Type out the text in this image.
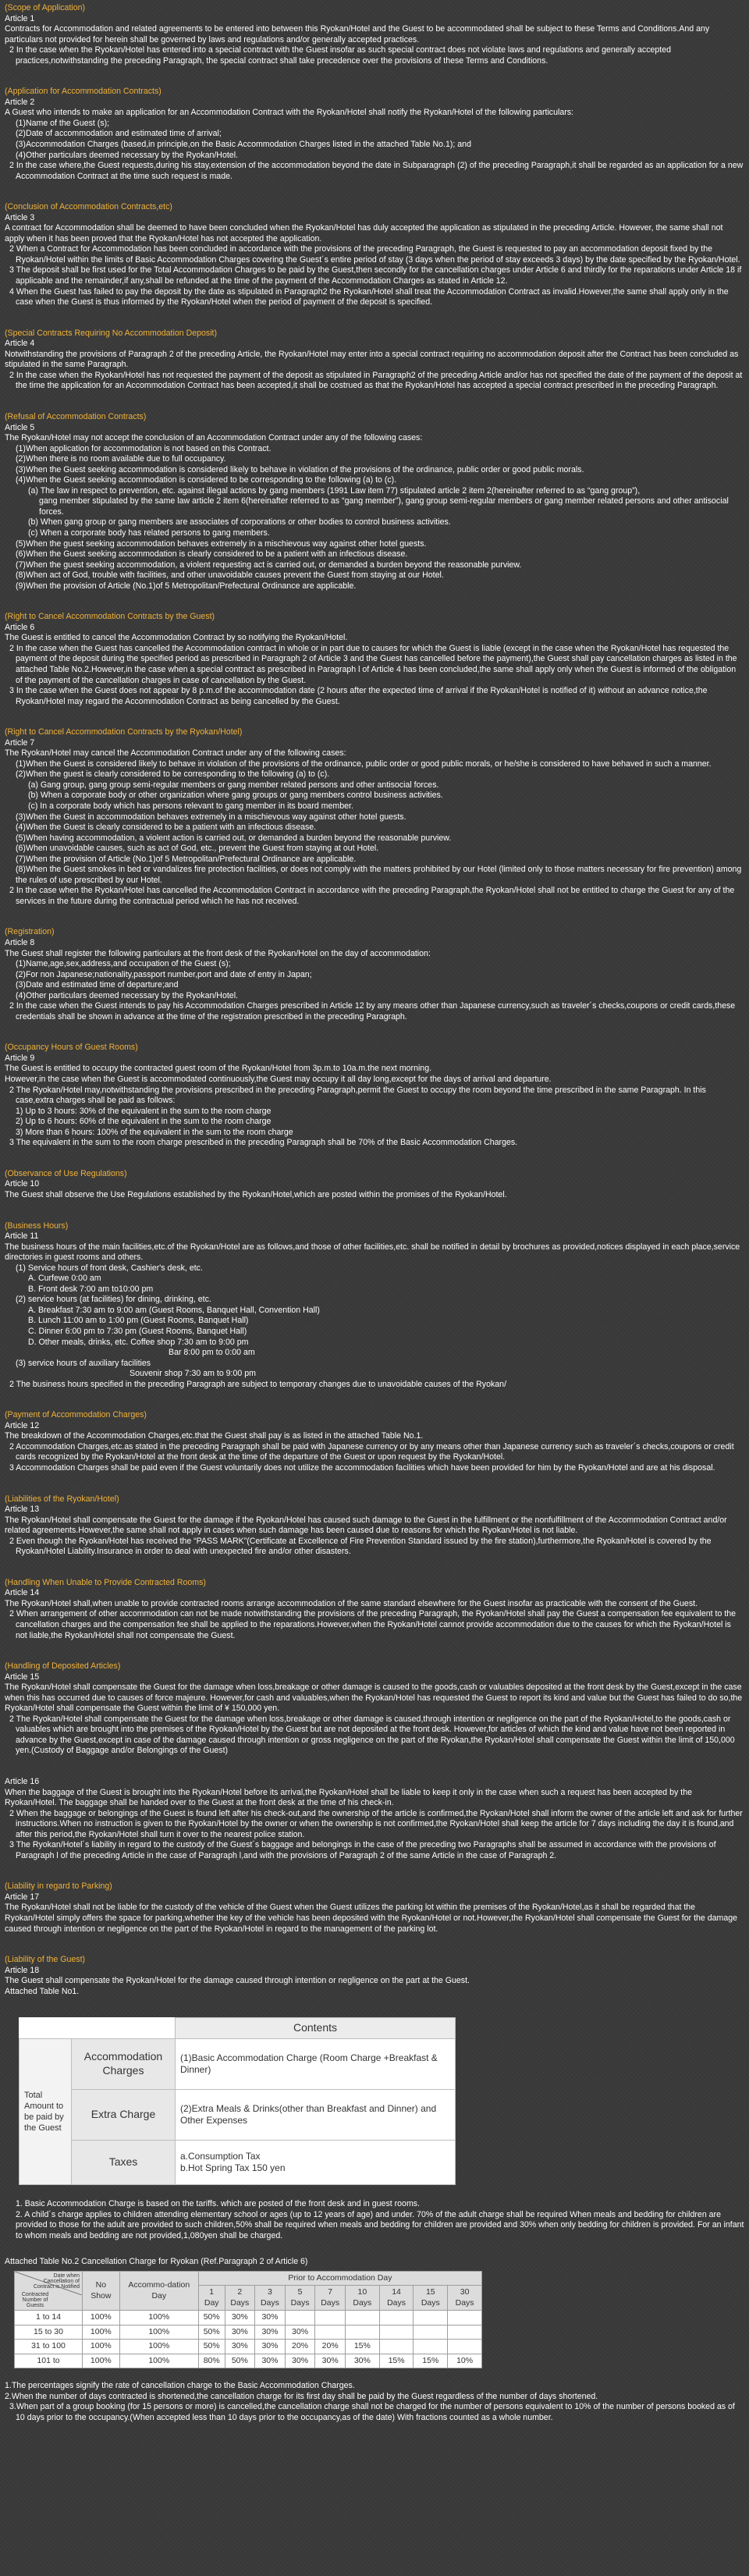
(Scope of Application)

Article 1

Contracts for Accommodation and related agreements to be entered into between this Ryokan/Hotel and the Guest to be accommodated shall be subject to these Terms and Conditions.And any particulars not provided for herein shall be governed by laws and regulations and/or generally accepted practices.

2 In the case when the Ryokan/Hotel has entered into a special contract with the Guest insofar as such special contract does not violate laws and regulations and generally accepted practices,notwithstanding the preceding Paragraph, the special contract shall take precedence over the provisions of these Terms and Conditions.

(Application for Accommodation Contracts)

Article 2

A Guest who intends to make an application for an Accommodation Contract with the Ryokan/Hotel shall notify the Ryokan/Hotel of the following particulars:

(1)Name of the Guest (s);

(2)Date of accommodation and estimated time of arrival;

(3)Accommodation Charges (based,in principle,on the Basic Accommodation Charges listed in the attached Table No.1); and

(4)Other particulars deemed necessary by the Ryokan/Hotel.

2 In the case where,the Guest requests,during his stay,extension of the accommodation beyond the date in Subparagraph (2) of the preceding Paragraph,it shall be regarded as an application for a new Accommodation Contract at the time such request is made.

(Conclusion of Accommodation Contracts,etc)

Article 3

A contract for Accommodation shall be deemed to have been concluded when the Ryokan/Hotel has duly accepted the application as stipulated in the preceding Article. However, the same shall not apply when it has been proved that the Ryokan/Hotel has not accepted the application.

2 When a Contract for Accommodation has been concluded in accordance with the provisions of the preceding Paragraph, the Guest is requested to pay an accommodation deposit fixed by the Ryokan/Hotel within the limits of Basic Accommodation Charges covering the Guest´s entire period of stay (3 days when the period of stay exceeds 3 days) by the date specified by the Ryokan/Hotel.

3 The deposit shall be first used for the Total Accommodation Charges to be paid by the Guest,then secondly for the cancellation charges under Article 6 and thirdly for the reparations under Article 18 if applicable and the remainder,if any,shall be refunded at the time of the payment of the Accommodation Charges as stated in Article 12.

4 When the Guest has failed to pay the deposit by the date as stipulated in Paragraph2 the Ryokan/Hotel shall treat the Accommodation Contract as invalid.However,the same shall apply only in the case when the Guest is thus informed by the Ryokan/Hotel when the period of payment of the deposit is specified.

(Special Contracts Requiring No Accommodation Deposit)

Article 4

Notwithstanding the provisions of Paragraph 2 of the preceding Article, the Ryokan/Hotel may enter into a special contract requiring no accommodation deposit after the Contract has been concluded as stipulated in the same Paragraph.

2 In the case when the Ryokan/Hotel has not requested the payment of the deposit as stipulated in Paragraph2 of the preceding Article and/or has not specified the date of the payment of the deposit at the time the application for an Accommodation Contract has been accepted,it shall be costrued as that the Ryokan/Hotel has accepted a special contract prescribed in the preceding Paragraph.

(Refusal of Accommodation Contracts)

Article 5

The Ryokan/Hotel may not accept the conclusion of an Accommodation Contract under any of the following cases:

(1)When application for accommodation is not based on this Contract.

(2)When there is no room available due to full occupancy.

(3)When the Guest seeking accommodation is considered likely to behave in violation of the provisions of the ordinance, public order or good public morals.

(4)When the Guest seeking accommodation is considered to be corresponding to the following (a) to (c).

(a) The law in respect to prevention, etc. against illegal actions by gang members (1991 Law item 77) stipulated article 2 item 2(hereinafter referred to as “gang group”),

gang member stipulated by the same law article 2 item 6(hereinafter referred to as “gang member”), gang group semi-regular members or gang member related persons and other antisocial forces.

(b) When gang group or gang members are associates of corporations or other bodies to control business activities.

(c) When a corporate body has related persons to gang members.

(5)When the guest seeking accommodation behaves extremely in a mischievous way against other hotel guests.

(6)When the Guest seeking accommodation is clearly considered to be a patient with an infectious disease.

(7)When the guest seeking accommodation, a violent requesting act is carried out, or demanded a burden beyond the reasonable purview.

(8)When act of God, trouble with facilities, and other unavoidable causes prevent the Guest from staying at our Hotel.

(9)When the provision of Article (No.1)of 5 Metropolitan/Prefectural Ordinance are applicable.

(Right to Cancel Accommodation Contracts by the Guest)

Article 6

The Guest is entitled to cancel the Accommodation Contract by so notifying the Ryokan/Hotel.

2 In the case when the Guest has cancelled the Accommodation contract in whole or in part due to causes for which the Guest is liable (except in the case when the Ryokan/Hotel has requested the payment of the deposit during the specified period as prescribed in Paragraph 2 of Article 3 and the Guest has cancelled before the payment),the Guest shall pay cancellation charges as listed in the attached Table No.2.However,in the case when a special contract as prescribed in Paragraph l of Article 4 has been concluded,the same shall apply only when the Guest is informed of the obligation of the payment of the cancellation charges in case of cancellation by the Guest.

3 In the case when the Guest does not appear by 8 p.m.of the accommodation date (2 hours after the expected time of arrival if the Ryokan/Hotel is notified of it) without an advance notice,the Ryokan/Hotel may regard the Accommodation Contract as being cancelled by the Guest.

(Right to Cancel Accommodation Contracts by the Ryokan/Hotel)

Article 7

The Ryokan/Hotel may cancel the Accommodation Contract under any of the following cases:

(1)When the Guest is considered likely to behave in violation of the provisions of the ordinance, public order or good public morals, or he/she is considered to have behaved in such a manner.

(2)When the guest is clearly considered to be corresponding to the following (a) to (c).

(a) Gang group, gang group semi-regular members or gang member related persons and other antisocial forces.

(b) When a corporate body or other organization where gang groups or gang members control business activities.

(c) In a corporate body which has persons relevant to gang member in its board member.

(3)When the Guest in accommodation behaves extremely in a mischievous way against other hotel guests.

(4)When the Guest is clearly considered to be a patient with an infectious disease.

(5)When having accommodation, a violent action is carried out, or demanded a burden beyond the reasonable purview.

(6)When unavoidable causes, such as act of God, etc., prevent the Guest from staying at out Hotel.

(7)When the provision of Article (No.1)of 5 Metropolitan/Prefectural Ordinance are applicable.

(8)When the Guest smokes in bed or vandalizes fire protection facilities, or does not comply with the matters prohibited by our Hotel (limited only to those matters necessary for fire prevention) among the rules of use prescribed by our Hotel.

2 In the case when the Ryokan/Hotel has cancelled the Accommodation Contract in accordance with the preceding Paragraph,the Ryokan/Hotel shall not be entitled to charge the Guest for any of the services in the future during the contractual period which he has not received.

(Registration)

Article 8

The Guest shall register the following particulars at the front desk of the Ryokan/Hotel on the day of accommodation:

(1)Name,age,sex,address,and occupation of the Guest (s);

(2)For non Japanese;nationality,passport number,port and date of entry in Japan;

(3)Date and estimated time of departure;and

(4)Other particulars deemed necessary by the Ryokan/Hotel.

2 In the case when the Guest intends to pay his Accommodation Charges prescribed in Article 12 by any means other than Japanese currency,such as traveler´s checks,coupons or credit cards,these credentials shall be shown in advance at the time of the registration prescribed in the preceding Paragraph.

(Occupancy Hours of Guest Rooms)

Article 9

The Guest is entitled to occupy the contracted guest room of the Ryokan/Hotel from 3p.m.to 10a.m.the next morning.

However,in the case when the Guest is accommodated continuously,the Guest may occupy it all day long,except for the days of arrival and departure.

2 The Ryokan/Hotel may,notwithstanding the provisions prescribed in the preceding Paragraph,permit the Guest to occupy the room beyond the time prescribed in the same Paragraph. In this case,extra charges shall be paid as follows:

1) Up to 3 hours: 30% of the equivalent in the sum to the room charge

2) Up to 6 hours: 60% of the equivalent in the sum to the room charge

3) More than 6 hours: 100% of the equivalent in the sum to the room charge

3 The equivalent in the sum to the room charge prescribed in the preceding Paragraph shall be 70% of the Basic Accommodation Charges.

(Observance of Use Regulations)

Article 10

The Guest shall observe the Use Regulations established by the Ryokan/Hotel,which are posted within the promises of the Ryokan/Hotel.

(Business Hours)

Article 11

The business hours of the main facilities,etc.of the Ryokan/Hotel are as follows,and those of other facilities,etc. shall be notified in detail by brochures as provided,notices displayed in each place,service directories in guest rooms and others.

(1) Service hours of front desk, Cashier's desk, etc.

A. Curfewe 0:00 am

B. Front desk 7:00 am to10:00 pm

(2) service hours (at facilities) for dining, drinking, etc.

A. Breakfast 7:30 am to 9:00 am (Guest Rooms, Banquet Hall, Convention Hall)

B. Lunch 11:00 am to 1:00 pm (Guest Rooms, Banquet Hall)

C. Dinner 6:00 pm to 7:30 pm (Guest Rooms, Banquet Hall)

D. Other meals, drinks, etc. Coffee shop 7:30 am to 9:00 pm

Bar 8:00 pm to 0:00 am

(3) service hours of auxiliary facilities

Souvenir shop 7:30 am to 9:00 pm

2 The business hours specified in the preceding Paragraph are subject to temporary changes due to unavoidable causes of the Ryokan/

(Payment of Accommodation Charges)

Article 12

The breakdown of the Accommodation Charges,etc.that the Guest shall pay is as listed in the attached Table No.1.

2 Accommodation Charges,etc.as stated in the preceding Paragraph shall be paid with Japanese currency or by any means other than Japanese currency such as traveler´s checks,coupons or credit cards recognized by the Ryokan/Hotel at the front desk at the time of the departure of the Guest or upon request by the Ryokan/Hotel.

3 Accommodation Charges shall be paid even if the Guest voluntarily does not utilize the accommodation facilities which have been provided for him by the Ryokan/Hotel and are at his disposal.

(Liabilities of the Ryokan/Hotel)

Article 13

The Ryokan/Hotel shall compensate the Guest for the damage if the Ryokan/Hotel has caused such damage to the Guest in the fulfillment or the nonfulfillment of the Accommodation Contract and/or related agreements.However,the same shall not apply in cases when such damage has been caused due to reasons for which the Ryokan/Hotel is not liable.

2 Even though the Ryokan/Hotel has received the “PASS MARK”(Certificate at Excellence of Fire Prevention Standard issued by the fire station),furthermore,the Ryokan/Hotel is covered by the Ryokan/Hotel Liability.Insurance in order to deal with unexpected fire and/or other disasters.

(Handling When Unable to Provide Contracted Rooms)

Article 14

The Ryokan/Hotel shall,when unable to provide contracted rooms arrange accommodation of the same standard elsewhere for the Guest insofar as practicable with the consent of the Guest.

2 When arrangement of other accommodation can not be made notwithstanding the provisions of the preceding Paragraph, the Ryokan/Hotel shall pay the Guest a compensation fee equivalent to the cancellation charges and the compensation fee shall be applied to the reparations.However,when the Ryokan/Hotel cannot provide accommodation due to the causes for which the Ryokan/Hotel is not liable,the Ryokan/Hotel shall not compensate the Guest.

(Handling of Deposited Articles)

Article 15

The Ryokan/Hotel shall compensate the Guest for the damage when loss,breakage or other damage is caused to the goods,cash or valuables deposited at the front desk by the Guest,except in the case when this has occurred due to causes of force majeure. However,for cash and valuables,when the Ryokan/Hotel has requested the Guest to report its kind and value but the Guest has failed to do so,the Ryokan/Hotel shall compensate the Guest within the limit of ¥ 150,000 yen.

2 The Ryokan/Hotel shall compensate the Guest for the damage when loss,breakage or other damage is caused,through intention or negligence on the part of the Ryokan/Hotel,to the goods,cash or valuables which are brought into the premises of the Ryokan/Hotel by the Guest but are not deposited at the front desk. However,for articles of which the kind and value have not been reported in advance by the Guest,except in case of the damage caused through intention or gross negligence on the part of the Ryokan,the Ryokan/Hotel shall compensate the Guest within the limit of 150,000 yen.(Custody of Baggage and/or Belongings of the Guest)

Article 16

When the baggage of the Guest is brought into the Ryokan/Hotel before its arrival,the Ryokan/Hotel shall be liable to keep it only in the case when such a request has been accepted by the Ryokan/Hotel. The baggage shall be handed over to the Guest at the front desk at the time of his check-in.

2 When the baggage or belongings of the Guest is found left after his check-out,and the ownership of the article is confirmed,the Ryokan/Hotel shall inform the owner of the article left and ask for further instructions.When no instruction is given to the Ryokan/Hotel by the owner or when the ownership is not confirmed,the Ryokan/Hotel shall keep the article for 7 days including the day it is found,and after this period,the Ryokan/Hotel shall turn it over to the nearest police station.

3 The Ryokan/Hotel´s liability in regard to the custody of the Guest´s baggage and belongings in the case of the preceding two Paragraphs shall be assumed in accordance with the provisions of Paragraph l of the preceding Article in the case of Paragraph l,and with the provisions of Paragraph 2 of the same Article in the case of Paragraph 2.

(Liability in regard to Parking)

Article 17

The Ryokan/Hotel shall not be liable for the custody of the vehicle of the Guest when the Guest utilizes the parking lot within the premises of the Ryokan/Hotel,as it shall be regarded that the Ryokan/Hotel simply offers the space for parking,whether the key of the vehicle has been deposited with the Ryokan/Hotel or not.However,the Ryokan/Hotel shall compensate the Guest for the damage caused through intention or negligence on the part of the Ryokan/Hotel in regard to the management of the parking lot.

(Liability of the Guest)

Article 18

The Guest shall compensate the Ryokan/Hotel for the damage caused through intention or negligence on the part at the Guest.

Attached Table No1.

		Contents
Total Amount to be paid by the Guest	Accommodation Charges	(1)Basic Accommodation Charge (Room Charge +Breakfast & Dinner)
	Extra Charge	(2)Extra Meals & Drinks(other than Breakfast and Dinner) and Other Expenses
	Taxes	a.Consumption Tax
b.Hot Spring Tax 150 yen

1. Basic Accommodation Charge is based on the tariffs. which are posted of the front desk and in guest rooms.

2. A child´s charge applies to children attending elementary school or ages (up to 12 years of age) and under. 70% of the adult charge shall be required When meals and bedding for children are provided to those for the adult are provided to such children,50% shall be required when meals and bedding for children are provided and 30% when only bedding for children is provided. For an infant to whom meals and bedding are not provided,1,080yen shall be charged.

Attached Table No.2 Cancellation Charge for Ryokan (Ref.Paragraph 2 of Article 6)

Date when Cancellation of Contract is Notified
Contracted Number of Guests	No Show	Accommo-dation Day	Prior to Accommodation Day								
			1 Day	2 Days	3 Days	5 Days	7 Days	10 Days	14 Days	15 Days	30 Days
1 to 14	100%	100%	50%	30%	30%						
15 to 30	100%	100%	50%	30%	30%	30%					
31 to 100	100%	100%	50%	30%	30%	20%	20%	15%			
101 to	100%	100%	80%	50%	30%	30%	30%	30%	15%	15%	10%

1.The percentages signify the rate of cancellation charge to the Basic Accommodation Charges.

2.When the number of days contracted is shortened,the cancellation charge for its first day shall be paid by the Guest regardless of the number of days shortened.

3.When part of a group booking (for 15 persons or more) is cancelled,the cancellation charge shall not be charged for the number of persons equivalent to 10% of the number of persons booked as of 10 days prior to the occupancy.(When accepted less than 10 days prior to the occupancy,as of the date) With fractions counted as a whole number.
